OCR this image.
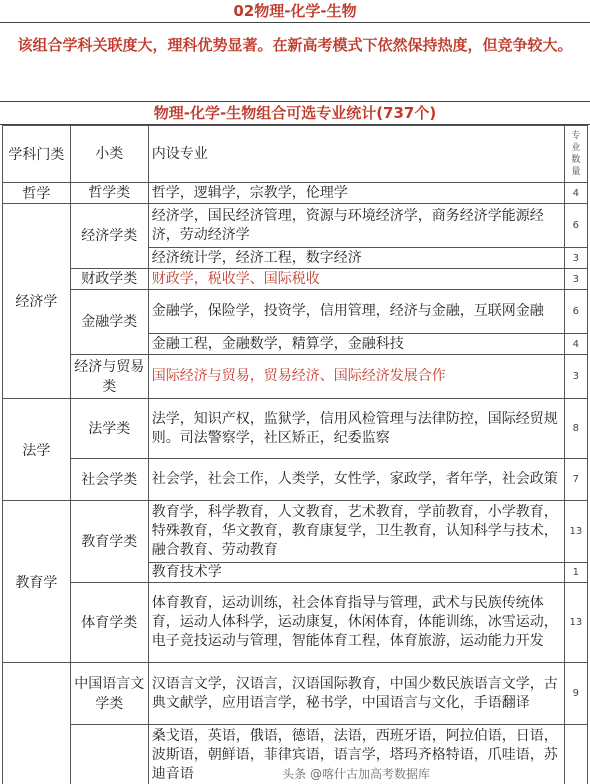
02物理-化学-生物
该组合学科关联度大，理科优势显著。在新高考模式下依然保持热度，但竞争较大。
物理-化学-生物组合可选专业统计(737个)
学科门类	小类	内设专业	专业数量
哲学	哲学类	哲学，逻辑学，宗教学，伦理学	4
经济学	经济学类	经济学，国民经济管理，资源与环境经济学，商务经济学能源经济，劳动经济学	6
		经济统计学，经济工程，数字经济	3
	财政学类	财政学，税收学、国际税收	3
	金融学类	金融学，保险学，投资学，信用管理，经济与金融，互联网金融	6
		金融工程，金融数学，精算学，金融科技	4
	经济与贸易类	国际经济与贸易，贸易经济、国际经济发展合作	3
法学	法学类	法学，知识产权，监狱学，信用风检管理与法律防控，国际经贸规则。司法警察学，社区矫正，纪委监察	8
	社会学类	社会学，社会工作，人类学，女性学，家政学，者年学，社会政策	7
教育学	教育学类	教育学，科学教育，人文教育，艺术教育，学前教育，小学教育，特殊教育，华文教育，教育康复学，卫生教育，认知科学与技术，融合教育、劳动教育	13
		教育技术学	1
	体育学类	体育教育，运动训练，社会体育指导与管理，武术与民族传统体育，运动人体科学，运动康复，休闲体育，体能训练，冰雪运动，电子竞技运动与管理，智能体育工程，体育旅游，运动能力开发	13
	中国语言文学类	汉语言文学，汉语言，汉语国际教育，中国少数民族语言文学，古典文献学，应用语言学，秘书学，中国语言与文化，手语翻译	9
		桑戈语，英语，俄语，德语，法语，西班牙语，阿拉伯语，日语，波斯语，朝鲜语，菲律宾语，语言学，塔玛齐格特语，爪哇语，苏迪音语		头条 @喀什古加高考数据库
